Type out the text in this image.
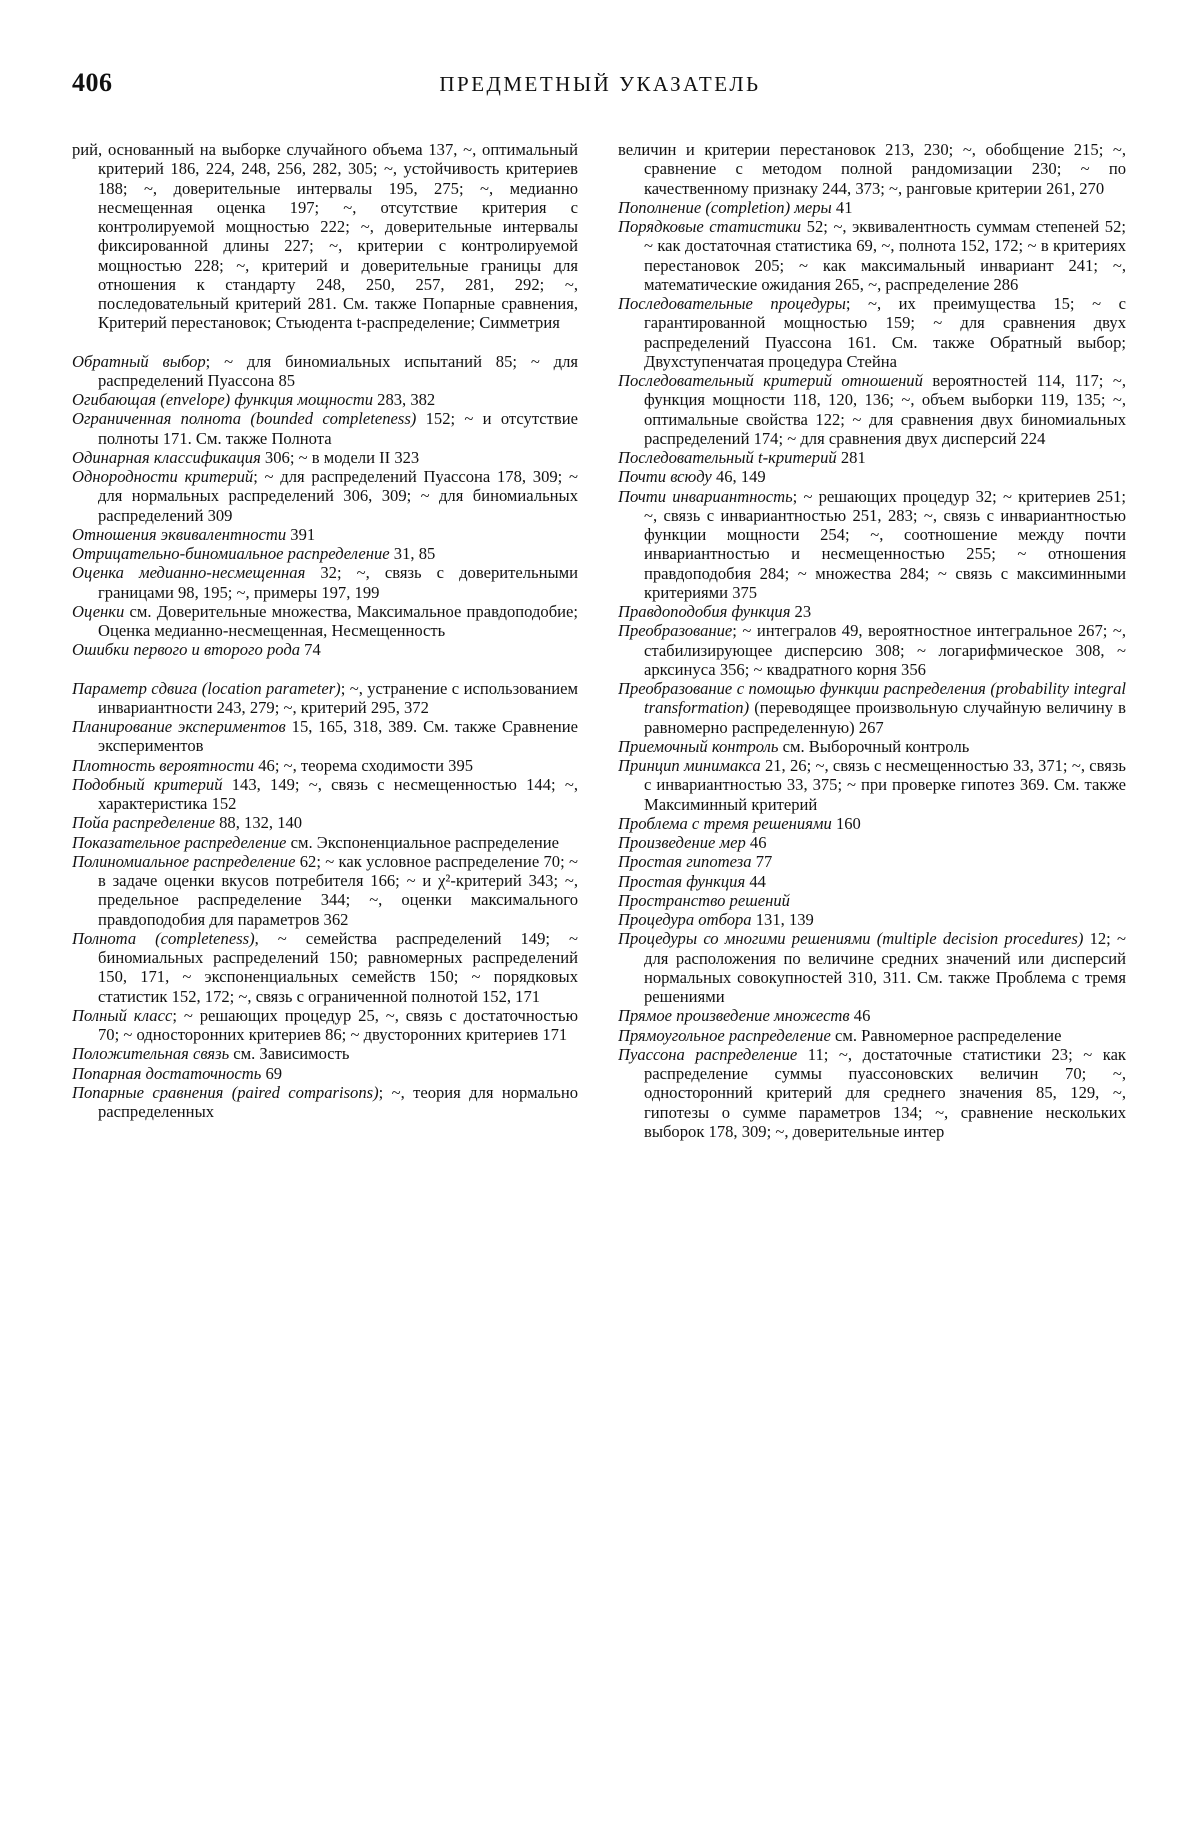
406	ПРЕДМЕТНЫЙ УКАЗАТЕЛЬ

рий, основанный на выборке случайного объема 137, ~, оптимальный критерий 186, 224, 248, 256, 282, 305; ~, устойчивость критериев 188; ~, доверительные интервалы 195, 275; ~, медианно несмещенная оценка 197; ~, отсутствие критерия с контролируемой мощностью 222; ~, доверительные интервалы фиксированной длины 227; ~, критерии с контролируемой мощностью 228; ~, критерий и доверительные границы для отношения к стандарту 248, 250, 257, 281, 292; ~, последовательный критерий 281. См. также Попарные сравнения, Критерий перестановок; Стьюдента t-распределение; Симметрия

Обратный выбор; ~ для биномиальных испытаний 85; ~ для распределений Пуассона 85

Огибающая (envelope) функция мощности 283, 382

Ограниченная полнота (bounded completeness) 152; ~ и отсутствие полноты 171. См. также Полнота

Одинарная классификация 306; ~ в модели II 323

Однородности критерий; ~ для распределений Пуассона 178, 309; ~ для нормальных распределений 306, 309; ~ для биномиальных распределений 309

Отношения эквивалентности 391

Отрицательно-биномиальное распределение 31, 85

Оценка медианно-несмещенная 32; ~, связь с доверительными границами 98, 195; ~, примеры 197, 199

Оценки см. Доверительные множества, Максимальное правдоподобие; Оценка медианно-несмещенная, Несмещенность

Ошибки первого и второго рода 74

Параметр сдвига (location parameter); ~, устранение с использованием инвариантности 243, 279; ~, критерий 295, 372

Планирование экспериментов 15, 165, 318, 389. См. также Сравнение экспериментов

Плотность вероятности 46; ~, теорема сходимости 395

Подобный критерий 143, 149; ~, связь с несмещенностью 144; ~, характеристика 152

Пойа распределение 88, 132, 140

Показательное распределение см. Экспоненциальное распределение

Полиномиальное распределение 62; ~ как условное распределение 70; ~ в задаче оценки вкусов потребителя 166; ~ и χ²-критерий 343; ~, предельное распределение 344; ~, оценки максимального правдоподобия для параметров 362

Полнота (completeness), ~ семейства распределений 149; ~ биномиальных распределений 150; равномерных распределений 150, 171, ~ экспоненциальных семейств 150; ~ порядковых статистик 152, 172; ~, связь с ограниченной полнотой 152, 171

Полный класс; ~ решающих процедур 25, ~, связь с достаточностью 70; ~ односторонних критериев 86; ~ двусторонних критериев 171

Положительная связь см. Зависимость

Попарная достаточность 69

Попарные сравнения (paired comparisons); ~, теория для нормально распределенных

величин и критерии перестановок 213, 230; ~, обобщение 215; ~, сравнение с методом полной рандомизации 230; ~ по качественному признаку 244, 373; ~, ранговые критерии 261, 270

Пополнение (completion) меры 41

Порядковые статистики 52; ~, эквивалентность суммам степеней 52; ~ как достаточная статистика 69, ~, полнота 152, 172; ~ в критериях перестановок 205; ~ как максимальный инвариант 241; ~, математические ожидания 265, ~, распределение 286

Последовательные процедуры; ~, их преимущества 15; ~ с гарантированной мощностью 159; ~ для сравнения двух распределений Пуассона 161. См. также Обратный выбор; Двухступенчатая процедура Стейна

Последовательный критерий отношений вероятностей 114, 117; ~, функция мощности 118, 120, 136; ~, объем выборки 119, 135; ~, оптимальные свойства 122; ~ для сравнения двух биномиальных распределений 174; ~ для сравнения двух дисперсий 224

Последовательный t-критерий 281

Почти всюду 46, 149

Почти инвариантность; ~ решающих процедур 32; ~ критериев 251; ~, связь с инвариантностью 251, 283; ~, связь с инвариантностью функции мощности 254; ~, соотношение между почти инвариантностью и несмещенностью 255; ~ отношения правдоподобия 284; ~ множества 284; ~ связь с максиминными критериями 375

Правдоподобия функция 23

Преобразование; ~ интегралов 49, вероятностное интегральное 267; ~, стабилизирующее дисперсию 308; ~ логарифмическое 308, ~ арксинуса 356; ~ квадратного корня 356

Преобразование с помощью функции распределения (probability integral transformation) (переводящее произвольную случайную величину в равномерно распределенную) 267

Приемочный контроль см. Выборочный контроль

Принцип минимакса 21, 26; ~, связь с несмещенностью 33, 371; ~, связь с инвариантностью 33, 375; ~ при проверке гипотез 369. См. также Максиминный критерий

Проблема с тремя решениями 160

Произведение мер 46

Простая гипотеза 77

Простая функция 44

Пространство решений

Процедура отбора 131, 139

Процедуры со многими решениями (multiple decision procedures) 12; ~ для расположения по величине средних значений или дисперсий нормальных совокупностей 310, 311. См. также Проблема с тремя решениями

Прямое произведение множеств 46

Прямоугольное распределение см. Равномерное распределение

Пуассона распределение 11; ~, достаточные статистики 23; ~ как распределение суммы пуассоновских величин 70; ~, односторонний критерий для среднего значения 85, 129, ~, гипотезы о сумме параметров 134; ~, сравнение нескольких выборок 178, 309; ~, доверительные интер
